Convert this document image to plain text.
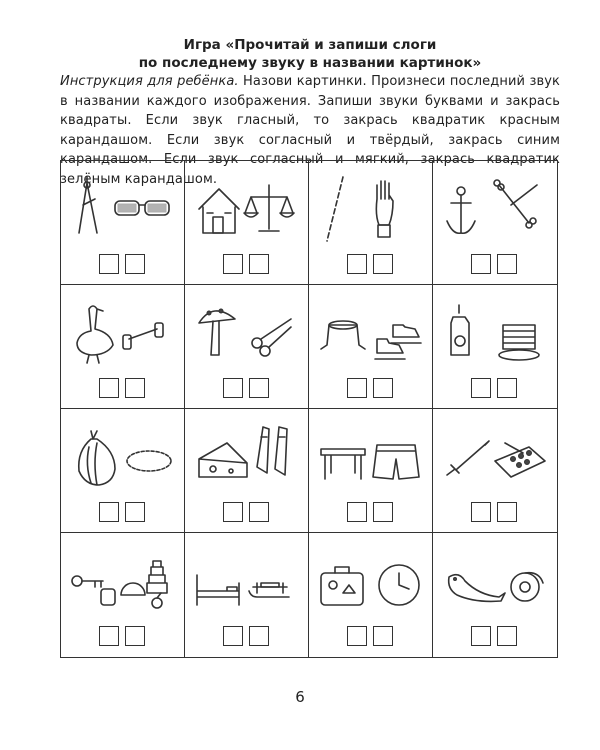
Игра «Прочитай и запиши слоги
по последнему звуку в названии картинок»
Инструкция для ребёнка. Назови картинки. Произнеси последний звук в названии каждого изображения. Запиши звуки буквами и закрась квадраты. Если звук гласный, то закрась квадратик красным карандашом. Если звук согласный и твёрдый, закрась синим карандашом. Если звук согласный и мягкий, закрась квадратик зелёным карандашом.
6
